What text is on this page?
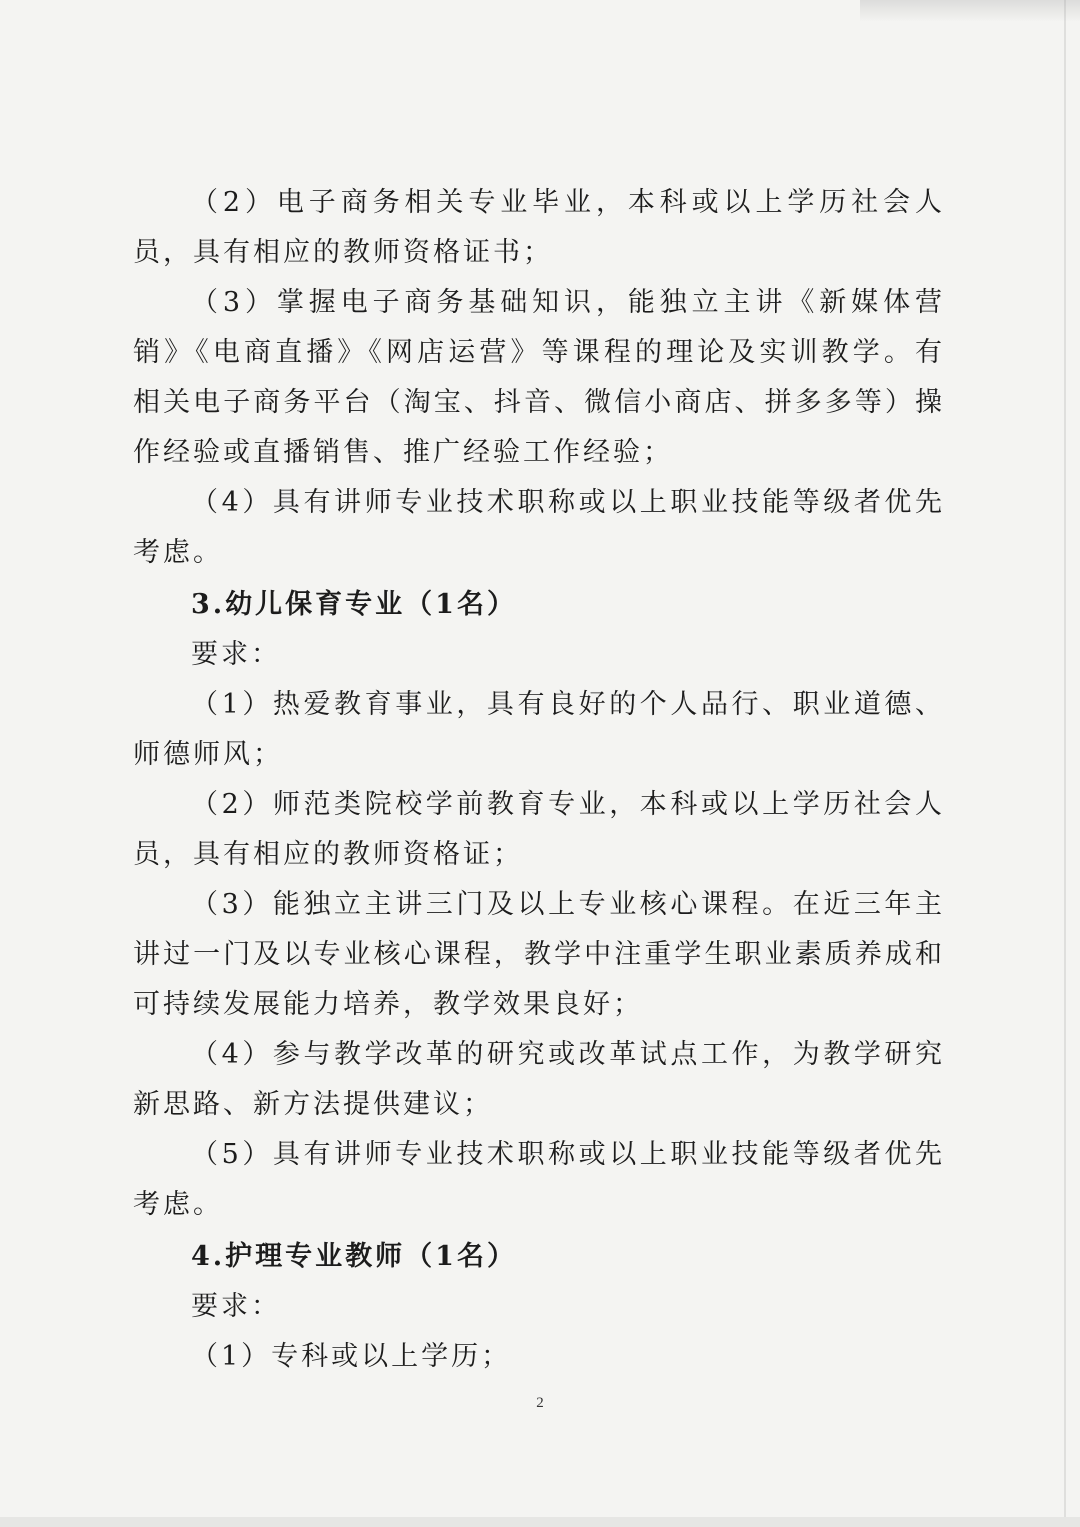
（2）电子商务相关专业毕业，本科或以上学历社会人员，具有相应的教师资格证书；

（3）掌握电子商务基础知识，能独立主讲《新媒体营销》《电商直播》《网店运营》等课程的理论及实训教学。有相关电子商务平台（淘宝、抖音、微信小商店、拼多多等）操作经验或直播销售、推广经验工作经验；

（4）具有讲师专业技术职称或以上职业技能等级者优先考虑。

3.幼儿保育专业（1名）

要求：

（1）热爱教育事业，具有良好的个人品行、职业道德、师德师风；

（2）师范类院校学前教育专业，本科或以上学历社会人员，具有相应的教师资格证；

（3）能独立主讲三门及以上专业核心课程。在近三年主讲过一门及以专业核心课程，教学中注重学生职业素质养成和可持续发展能力培养，教学效果良好；

（4）参与教学改革的研究或改革试点工作，为教学研究新思路、新方法提供建议；

（5）具有讲师专业技术职称或以上职业技能等级者优先考虑。

4.护理专业教师（1名）

要求：

（1）专科或以上学历；

2
